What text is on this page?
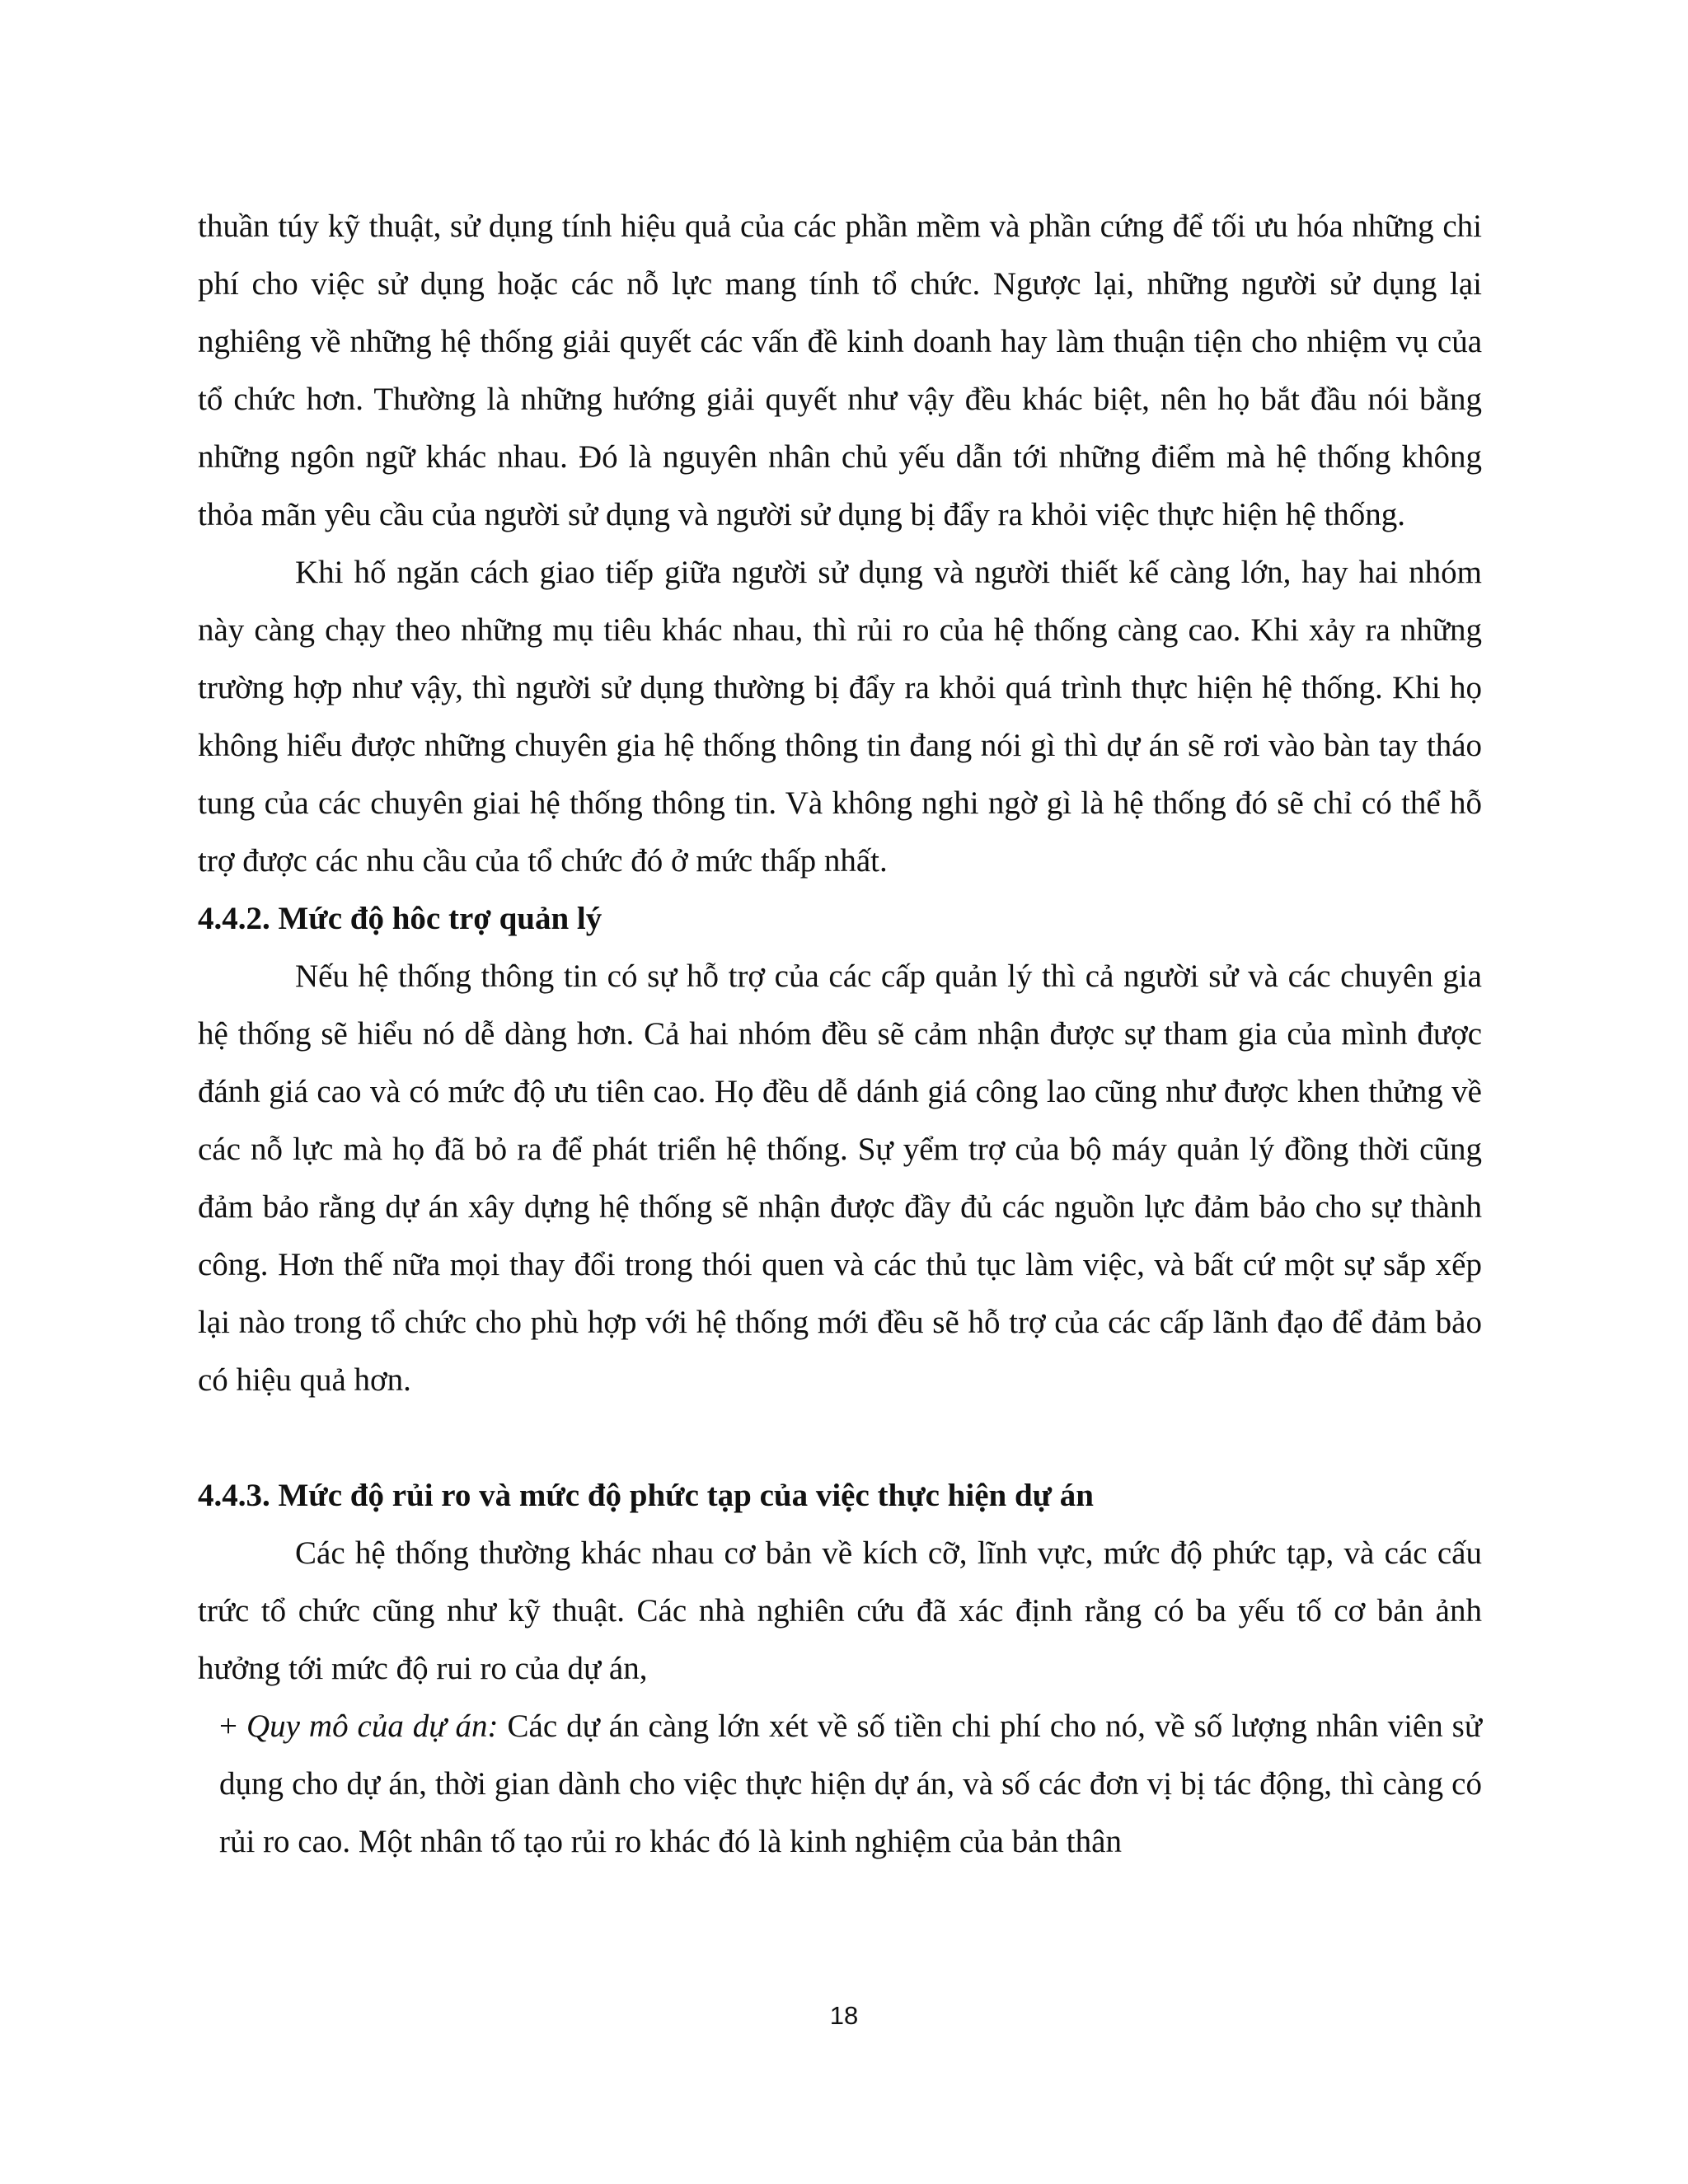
thuần túy kỹ thuật, sử dụng tính hiệu quả của các phần mềm và phần cứng để tối ưu hóa những chi phí cho việc sử dụng hoặc các nỗ lực mang tính tổ chức. Ngược lại, những người sử dụng lại nghiêng về những hệ thống giải quyết các vấn đề kinh doanh hay làm thuận tiện cho nhiệm vụ của tổ chức hơn. Thường là những hướng giải quyết như vậy đều khác biệt, nên họ bắt đầu nói bằng những ngôn ngữ khác nhau. Đó là nguyên nhân chủ yếu dẫn tới những điểm mà hệ thống không thỏa mãn yêu cầu của người sử dụng và người sử dụng bị đẩy ra khỏi việc thực hiện hệ thống.

Khi hố ngăn cách giao tiếp giữa người sử dụng và người thiết kế càng lớn, hay hai nhóm này càng chạy theo những mụ tiêu khác nhau, thì rủi ro của hệ thống càng cao. Khi xảy ra những trường hợp như vậy, thì người sử dụng thường bị đẩy ra khỏi quá trình thực hiện hệ thống. Khi họ không hiểu được những chuyên gia hệ thống thông tin đang nói gì thì dự án sẽ rơi vào bàn tay tháo tung của các chuyên giai hệ thống thông tin. Và không nghi ngờ gì là hệ thống đó sẽ chỉ có thể hỗ trợ được các nhu cầu của tổ chức đó ở mức thấp nhất.

4.4.2. Mức độ hôc trợ quản lý

Nếu hệ thống thông tin có sự hỗ trợ của các cấp quản lý thì cả người sử và các chuyên gia hệ thống sẽ hiểu nó dễ dàng hơn. Cả hai nhóm đều sẽ cảm nhận được sự tham gia của mình được đánh giá cao và có mức độ ưu tiên cao. Họ đều dễ dánh giá công lao cũng như được khen thửng về các nỗ lực mà họ đã bỏ ra để phát triển hệ thống. Sự yểm trợ của bộ máy quản lý đồng thời cũng đảm bảo rằng dự án xây dựng hệ thống sẽ nhận được đầy đủ các nguồn lực đảm bảo cho sự thành công. Hơn thế nữa mọi thay đổi trong thói quen và các thủ tục làm việc, và bất cứ một sự sắp xếp lại nào trong tổ chức cho phù hợp với hệ thống mới đều sẽ hỗ trợ của các cấp lãnh đạo để đảm bảo có hiệu quả hơn.

4.4.3. Mức độ rủi ro và mức độ phức tạp của việc thực hiện dự án

Các hệ thống thường khác nhau cơ bản về kích cỡ, lĩnh vực, mức độ phức tạp, và các cấu trức tổ chức cũng như kỹ thuật. Các nhà nghiên cứu đã xác định rằng có ba yếu tố cơ bản ảnh hưởng tới mức độ rui ro của dự án,

+ Quy mô của dự án: Các dự án càng lớn xét về số tiền chi phí cho nó, về số lượng nhân viên sử dụng cho dự án, thời gian dành cho việc thực hiện dự án, và số các đơn vị bị tác động, thì càng có rủi ro cao. Một nhân tố tạo rủi ro khác đó là kinh nghiệm của bản thân

18
